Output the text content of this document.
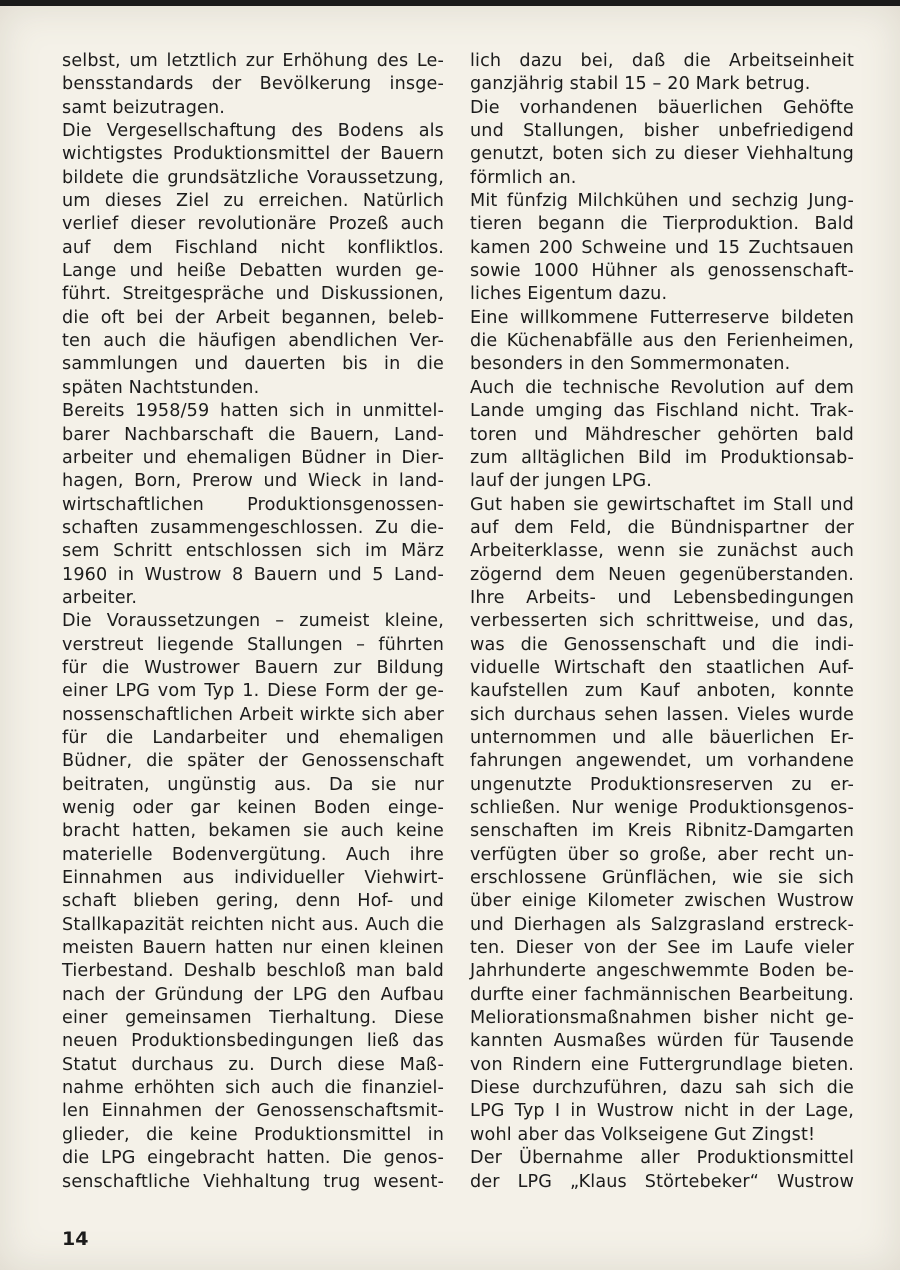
selbst, um letztlich zur Erhöhung des Le-
bensstandards der Bevölkerung insge-
samt beizutragen.
Die Vergesellschaftung des Bodens als
wichtigstes Produktionsmittel der Bauern
bildete die grundsätzliche Voraussetzung,
um dieses Ziel zu erreichen. Natürlich
verlief dieser revolutionäre Prozeß auch
auf dem Fischland nicht konfliktlos.
Lange und heiße Debatten wurden ge-
führt. Streitgespräche und Diskussionen,
die oft bei der Arbeit begannen, beleb-
ten auch die häufigen abendlichen Ver-
sammlungen und dauerten bis in die
späten Nachtstunden.
Bereits 1958/59 hatten sich in unmittel-
barer Nachbarschaft die Bauern, Land-
arbeiter und ehemaligen Büdner in Dier-
hagen, Born, Prerow und Wieck in land-
wirtschaftlichen Produktionsgenossen-
schaften zusammengeschlossen. Zu die-
sem Schritt entschlossen sich im März
1960 in Wustrow 8 Bauern und 5 Land-
arbeiter.
Die Voraussetzungen – zumeist kleine,
verstreut liegende Stallungen – führten
für die Wustrower Bauern zur Bildung
einer LPG vom Typ 1. Diese Form der ge-
nossenschaftlichen Arbeit wirkte sich aber
für die Landarbeiter und ehemaligen
Büdner, die später der Genossenschaft
beitraten, ungünstig aus. Da sie nur
wenig oder gar keinen Boden einge-
bracht hatten, bekamen sie auch keine
materielle Bodenvergütung. Auch ihre
Einnahmen aus individueller Viehwirt-
schaft blieben gering, denn Hof- und
Stallkapazität reichten nicht aus. Auch die
meisten Bauern hatten nur einen kleinen
Tierbestand. Deshalb beschloß man bald
nach der Gründung der LPG den Aufbau
einer gemeinsamen Tierhaltung. Diese
neuen Produktionsbedingungen ließ das
Statut durchaus zu. Durch diese Maß-
nahme erhöhten sich auch die finanziel-
len Einnahmen der Genossenschaftsmit-
glieder, die keine Produktionsmittel in
die LPG eingebracht hatten. Die genos-
senschaftliche Viehhaltung trug wesent-
lich dazu bei, daß die Arbeitseinheit
ganzjährig stabil 15 – 20 Mark betrug.
Die vorhandenen bäuerlichen Gehöfte
und Stallungen, bisher unbefriedigend
genutzt, boten sich zu dieser Viehhaltung
förmlich an.
Mit fünfzig Milchkühen und sechzig Jung-
tieren begann die Tierproduktion. Bald
kamen 200 Schweine und 15 Zuchtsauen
sowie 1000 Hühner als genossenschaft-
liches Eigentum dazu.
Eine willkommene Futterreserve bildeten
die Küchenabfälle aus den Ferienheimen,
besonders in den Sommermonaten.
Auch die technische Revolution auf dem
Lande umging das Fischland nicht. Trak-
toren und Mähdrescher gehörten bald
zum alltäglichen Bild im Produktionsab-
lauf der jungen LPG.
Gut haben sie gewirtschaftet im Stall und
auf dem Feld, die Bündnispartner der
Arbeiterklasse, wenn sie zunächst auch
zögernd dem Neuen gegenüberstanden.
Ihre Arbeits- und Lebensbedingungen
verbesserten sich schrittweise, und das,
was die Genossenschaft und die indi-
viduelle Wirtschaft den staatlichen Auf-
kaufstellen zum Kauf anboten, konnte
sich durchaus sehen lassen. Vieles wurde
unternommen und alle bäuerlichen Er-
fahrungen angewendet, um vorhandene
ungenutzte Produktionsreserven zu er-
schließen. Nur wenige Produktionsgenos-
senschaften im Kreis Ribnitz-Damgarten
verfügten über so große, aber recht un-
erschlossene Grünflächen, wie sie sich
über einige Kilometer zwischen Wustrow
und Dierhagen als Salzgrasland erstreck-
ten. Dieser von der See im Laufe vieler
Jahrhunderte angeschwemmte Boden be-
durfte einer fachmännischen Bearbeitung.
Meliorationsmaßnahmen bisher nicht ge-
kannten Ausmaßes würden für Tausende
von Rindern eine Futtergrundlage bieten.
Diese durchzuführen, dazu sah sich die
LPG Typ I in Wustrow nicht in der Lage,
wohl aber das Volkseigene Gut Zingst!
Der Übernahme aller Produktionsmittel
der LPG „Klaus Störtebeker“ Wustrow
14
